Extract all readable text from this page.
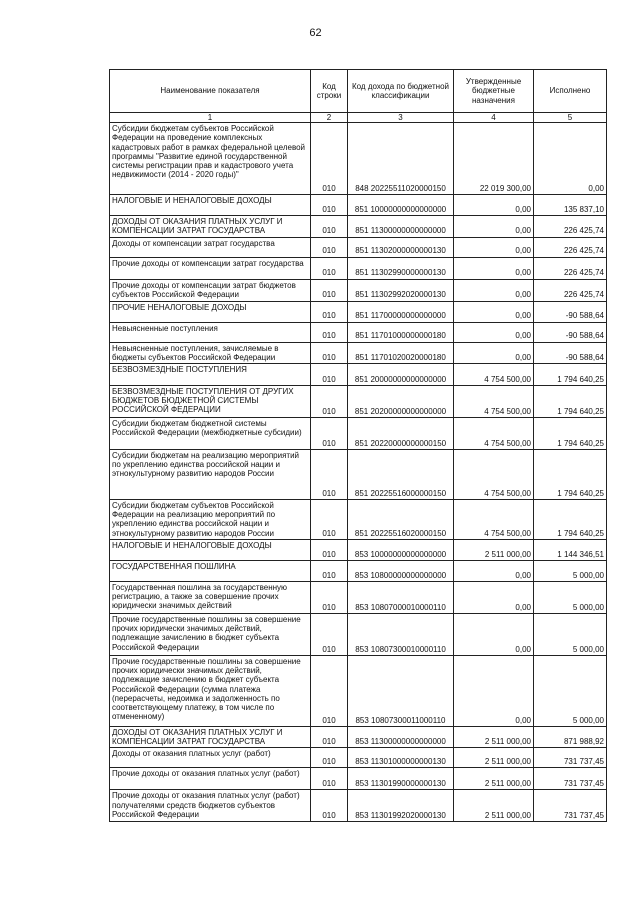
62
Наименование показателя	Код строки	Код дохода по бюджетной классификации	Утвержденные бюджетные назначения	Исполнено
1	2	3	4	5

Субсидии бюджетам субъектов Российской Федерации на проведение комплексных кадастровых работ в рамках федеральной целевой программы "Развитие единой государственной системы регистрации прав и кадастрового учета недвижимости (2014 - 2020 годы)"	010	848 20225511020000150	22 019 300,00	0,00

НАЛОГОВЫЕ И НЕНАЛОГОВЫЕ ДОХОДЫ	010	851 10000000000000000	0,00	135 837,10

ДОХОДЫ ОТ ОКАЗАНИЯ ПЛАТНЫХ УСЛУГ И КОМПЕНСАЦИИ ЗАТРАТ ГОСУДАРСТВА	010	851 11300000000000000	0,00	226 425,74

Доходы от компенсации затрат государства	010	851 11302000000000130	0,00	226 425,74

Прочие доходы от компенсации затрат государства	010	851 11302990000000130	0,00	226 425,74

Прочие доходы от компенсации затрат бюджетов субъектов Российской Федерации	010	851 11302992020000130	0,00	226 425,74

ПРОЧИЕ НЕНАЛОГОВЫЕ ДОХОДЫ	010	851 11700000000000000	0,00	-90 588,64

Невыясненные поступления	010	851 11701000000000180	0,00	-90 588,64

Невыясненные поступления, зачисляемые в бюджеты субъектов Российской Федерации	010	851 11701020020000180	0,00	-90 588,64

БЕЗВОЗМЕЗДНЫЕ ПОСТУПЛЕНИЯ	010	851 20000000000000000	4 754 500,00	1 794 640,25

БЕЗВОЗМЕЗДНЫЕ ПОСТУПЛЕНИЯ ОТ ДРУГИХ БЮДЖЕТОВ БЮДЖЕТНОЙ СИСТЕМЫ РОССИЙСКОЙ ФЕДЕРАЦИИ	010	851 20200000000000000	4 754 500,00	1 794 640,25

Субсидии бюджетам бюджетной системы Российской Федерации (межбюджетные субсидии)	010	851 20220000000000150	4 754 500,00	1 794 640,25

Субсидии бюджетам на реализацию мероприятий по укреплению единства российской нации и этнокультурному развитию народов России	010	851 20225516000000150	4 754 500,00	1 794 640,25

Субсидии бюджетам субъектов Российской Федерации на реализацию мероприятий по укреплению единства российской нации и этнокультурному развитию народов России	010	851 20225516020000150	4 754 500,00	1 794 640,25

НАЛОГОВЫЕ И НЕНАЛОГОВЫЕ ДОХОДЫ	010	853 10000000000000000	2 511 000,00	1 144 346,51

ГОСУДАРСТВЕННАЯ ПОШЛИНА	010	853 10800000000000000	0,00	5 000,00

Государственная пошлина за государственную регистрацию, а также за совершение прочих юридически значимых действий	010	853 10807000010000110	0,00	5 000,00

Прочие государственные пошлины за совершение прочих юридически значимых действий, подлежащие зачислению в бюджет субъекта Российской Федерации	010	853 10807300010000110	0,00	5 000,00

Прочие государственные пошлины за совершение прочих юридически значимых действий, подлежащие зачислению в бюджет субъекта Российской Федерации (сумма платежа (перерасчеты, недоимка и задолженность по соответствующему платежу, в том числе по отмененному)	010	853 10807300011000110	0,00	5 000,00

ДОХОДЫ ОТ ОКАЗАНИЯ ПЛАТНЫХ УСЛУГ И КОМПЕНСАЦИИ ЗАТРАТ ГОСУДАРСТВА	010	853 11300000000000000	2 511 000,00	871 988,92

Доходы от оказания платных услуг (работ)	010	853 11301000000000130	2 511 000,00	731 737,45

Прочие доходы от оказания платных услуг (работ)	010	853 11301990000000130	2 511 000,00	731 737,45

Прочие доходы от оказания платных услуг (работ) получателями средств бюджетов субъектов Российской Федерации	010	853 11301992020000130	2 511 000,00	731 737,45
